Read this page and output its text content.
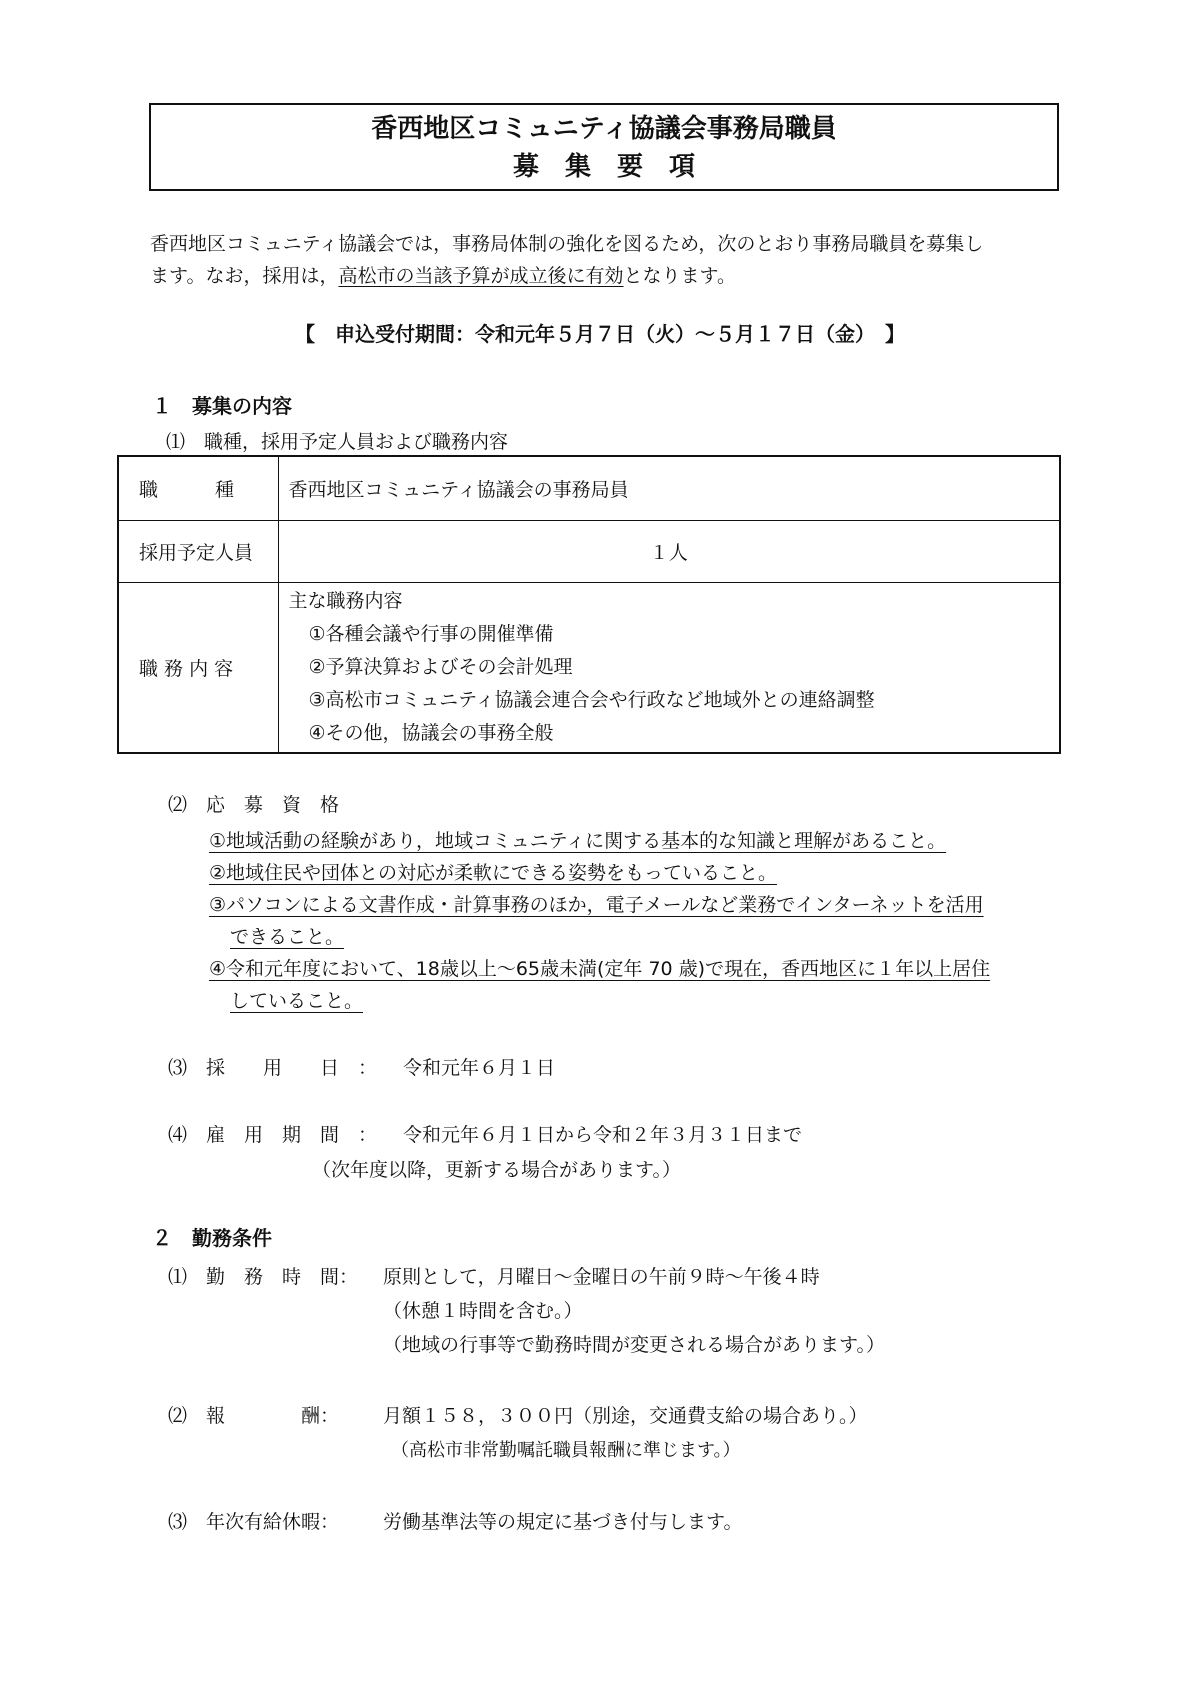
香西地区コミュニティ協議会事務局職員
募　集　要　項
香西地区コミュニティ協議会では，事務局体制の強化を図るため，次のとおり事務局職員を募集し
ます。なお，採用は，高松市の当該予算が成立後に有効となります。
【　申込受付期間：令和元年５月７日（火）～５月１７日（金）　】
１　募集の内容
⑴　職種，採用予定人員および職務内容
職　　　種	香西地区コミュニティ協議会の事務局員
採用予定人員	１人
職 務 内 容	主な職務内容
①各種会議や行事の開催準備
②予算決算およびその会計処理
③高松市コミュニティ協議会連合会や行政など地域外との連絡調整
④その他，協議会の事務全般
⑵　応　募　資　格
①地域活動の経験があり，地域コミュニティに関する基本的な知識と理解があること。
②地域住民や団体との対応が柔軟にできる姿勢をもっていること。
③パソコンによる文書作成・計算事務のほか，電子メールなど業務でインターネットを活用
できること。
④令和元年度において、18歳以上～65歳未満(定年 70 歳)で現在，香西地区に１年以上居住
していること。
⑶　採　　用　　日　： 令和元年６月１日
⑷　雇　用　期　間　： 令和元年６月１日から令和２年３月３１日まで
（次年度以降，更新する場合があります。）
２　勤務条件
⑴　勤　務　時　間： 原則として，月曜日～金曜日の午前９時～午後４時
（休憩１時間を含む。）
（地域の行事等で勤務時間が変更される場合があります。）
⑵　報　　　　酬： 月額１５８，３００円（別途，交通費支給の場合あり。）
（高松市非常勤嘱託職員報酬に準じます。）
⑶　年次有給休暇： 労働基準法等の規定に基づき付与します。
